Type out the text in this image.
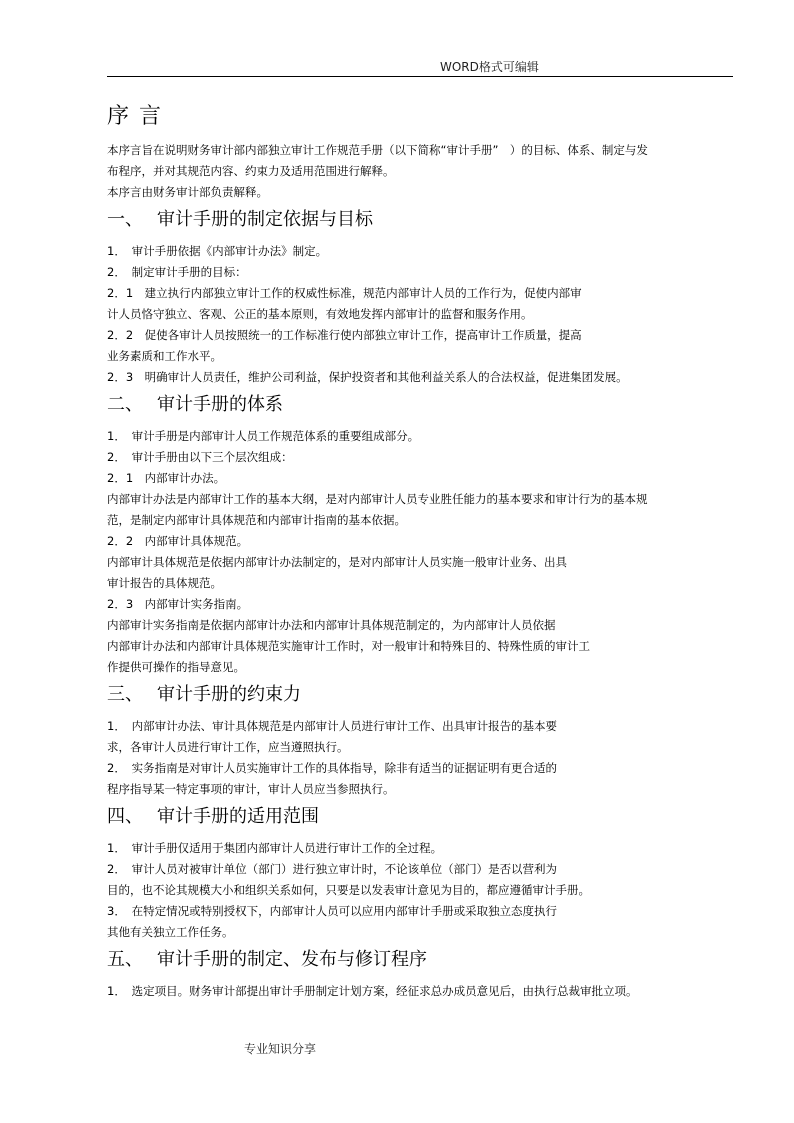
WORD格式可编辑
序言

本序言旨在说明财务审计部内部独立审计工作规范手册（以下简称“审计手册”　）的目标、体系、制定与发

布程序，并对其规范内容、约束力及适用范围进行解释。

本序言由财务审计部负责解释。

一、 审计手册的制定依据与目标

1．　审计手册依据《内部审计办法》制定。

2．　制定审计手册的目标：

2．1　建立执行内部独立审计工作的权威性标准，规范内部审计人员的工作行为，促使内部审

计人员恪守独立、客观、公正的基本原则，有效地发挥内部审计的监督和服务作用。

2．2　促使各审计人员按照统一的工作标准行使内部独立审计工作，提高审计工作质量，提高

业务素质和工作水平。

2．3　明确审计人员责任，维护公司利益，保护投资者和其他利益关系人的合法权益，促进集团发展。

二、 审计手册的体系

1．　审计手册是内部审计人员工作规范体系的重要组成部分。

2．　审计手册由以下三个层次组成：

2．1　内部审计办法。

内部审计办法是内部审计工作的基本大纲，是对内部审计人员专业胜任能力的基本要求和审计行为的基本规

范，是制定内部审计具体规范和内部审计指南的基本依据。

2．2　内部审计具体规范。

内部审计具体规范是依据内部审计办法制定的，是对内部审计人员实施一般审计业务、出具

审计报告的具体规范。

2．3　内部审计实务指南。

内部审计实务指南是依据内部审计办法和内部审计具体规范制定的，为内部审计人员依据

内部审计办法和内部审计具体规范实施审计工作时，对一般审计和特殊目的、特殊性质的审计工

作提供可操作的指导意见。

三、 审计手册的约束力

1．　内部审计办法、审计具体规范是内部审计人员进行审计工作、出具审计报告的基本要

求，各审计人员进行审计工作，应当遵照执行。

2．　实务指南是对审计人员实施审计工作的具体指导，除非有适当的证据证明有更合适的

程序指导某一特定事项的审计，审计人员应当参照执行。

四、 审计手册的适用范围

1．　审计手册仅适用于集团内部审计人员进行审计工作的全过程。

2．　审计人员对被审计单位（部门）进行独立审计时，不论该单位（部门）是否以营利为

目的，也不论其规模大小和组织关系如何，只要是以发表审计意见为目的，都应遵循审计手册。

3．　在特定情况或特别授权下，内部审计人员可以应用内部审计手册或采取独立态度执行

其他有关独立工作任务。

五、 审计手册的制定、发布与修订程序

1．　选定项目。财务审计部提出审计手册制定计划方案，经征求总办成员意见后，由执行总裁审批立项。

专业知识分享
